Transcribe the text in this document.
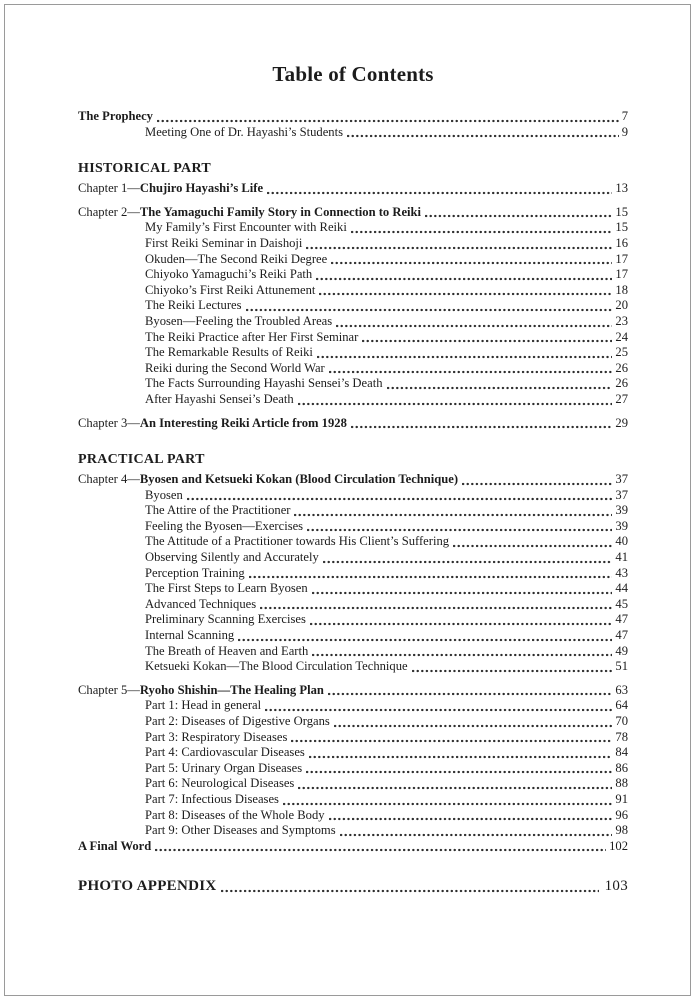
Table of Contents
The Prophecy	7
Meeting One of Dr. Hayashi’s Students	9
HISTORICAL PART
Chapter 1— Chujiro Hayashi’s Life	13
Chapter 2— The Yamaguchi Family Story in Connection to Reiki	15
My Family’s First Encounter with Reiki	15
First Reiki Seminar in Daishoji	16
Okuden—The Second Reiki Degree	17
Chiyoko Yamaguchi’s Reiki Path	17
Chiyoko’s First Reiki Attunement	18
The Reiki Lectures	20
Byosen—Feeling the Troubled Areas	23
The Reiki Practice after Her First Seminar	24
The Remarkable Results of Reiki	25
Reiki during the Second World War	26
The Facts Surrounding Hayashi Sensei’s Death	26
After Hayashi Sensei’s Death	27
Chapter 3— An Interesting Reiki Article from 1928	29
PRACTICAL PART
Chapter 4— Byosen and Ketsueki Kokan (Blood Circulation Technique)	37
Byosen	37
The Attire of the Practitioner	39
Feeling the Byosen—Exercises	39
The Attitude of a Practitioner towards His Client’s Suffering	40
Observing Silently and Accurately	41
Perception Training	43
The First Steps to Learn Byosen	44
Advanced Techniques	45
Preliminary Scanning Exercises	47
Internal Scanning	47
The Breath of Heaven and Earth	49
Ketsueki Kokan—The Blood Circulation Technique	51
Chapter 5— Ryoho Shishin—The Healing Plan	63
Part 1: Head in general	64
Part 2: Diseases of Digestive Organs	70
Part 3: Respiratory Diseases	78
Part 4: Cardiovascular Diseases	84
Part 5: Urinary Organ Diseases	86
Part 6: Neurological Diseases	88
Part 7: Infectious Diseases	91
Part 8: Diseases of the Whole Body	96
Part 9: Other Diseases and Symptoms	98
A Final Word	102
PHOTO APPENDIX	103
